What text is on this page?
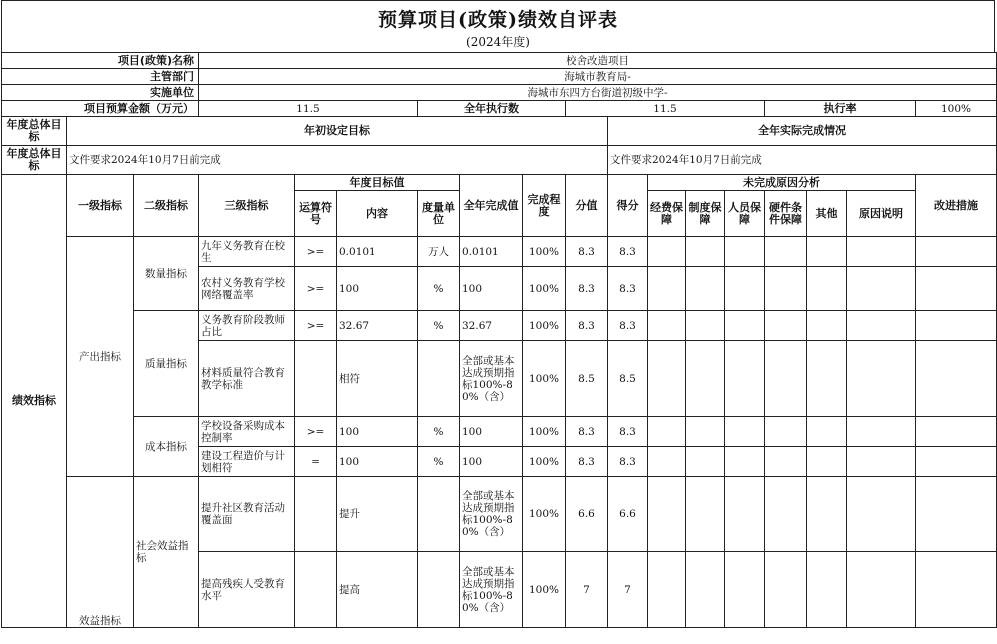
预算项目(政策)绩效自评表
(2024年度)
项目(政策)名称			校舍改造项目														
主管部门			海城市教育局-														
实施单位			海城市东四方台街道初级中学-														
项目预算金额（万元）			11.5			全年执行数			11.5					执行率			100%
年度总体目标	年初设定目标									全年实际完成情况							
年度总体目标	文件要求2024年10月7日前完成									文件要求2024年10月7日前完成							
绩效指标	一级指标	二级指标	三级指标	年度目标值			全年完成值	完成程度	分值	得分	未完成原因分析						改进措施
				运算符号	内容	度量单位					经费保障	制度保障	人员保障	硬件条件保障	其他	原因说明	
	产出指标	数量指标	九年义务教育在校生	>=	0.0101	万人	0.0101	100%	8.3	8.3							
			农村义务教育学校网络覆盖率	>=	100	%	100	100%	8.3	8.3							
		质量指标	义务教育阶段教师占比	>=	32.67	%	32.67	100%	8.3	8.3							
			材料质量符合教育教学标准		相符		全部或基本达成预期指标100%-80%（含）	100%	8.5	8.5							
		成本指标	学校设备采购成本控制率	>=	100	%	100	100%	8.3	8.3							
			建设工程造价与计划相符	=	100	%	100	100%	8.3	8.3							
	效益指标	社会效益指标	提升社区教育活动覆盖面		提升		全部或基本达成预期指标100%-80%（含）	100%	6.6	6.6							
			提高残疾人受教育水平		提高		全部或基本达成预期指标100%-80%（含）	100%	7	7							
